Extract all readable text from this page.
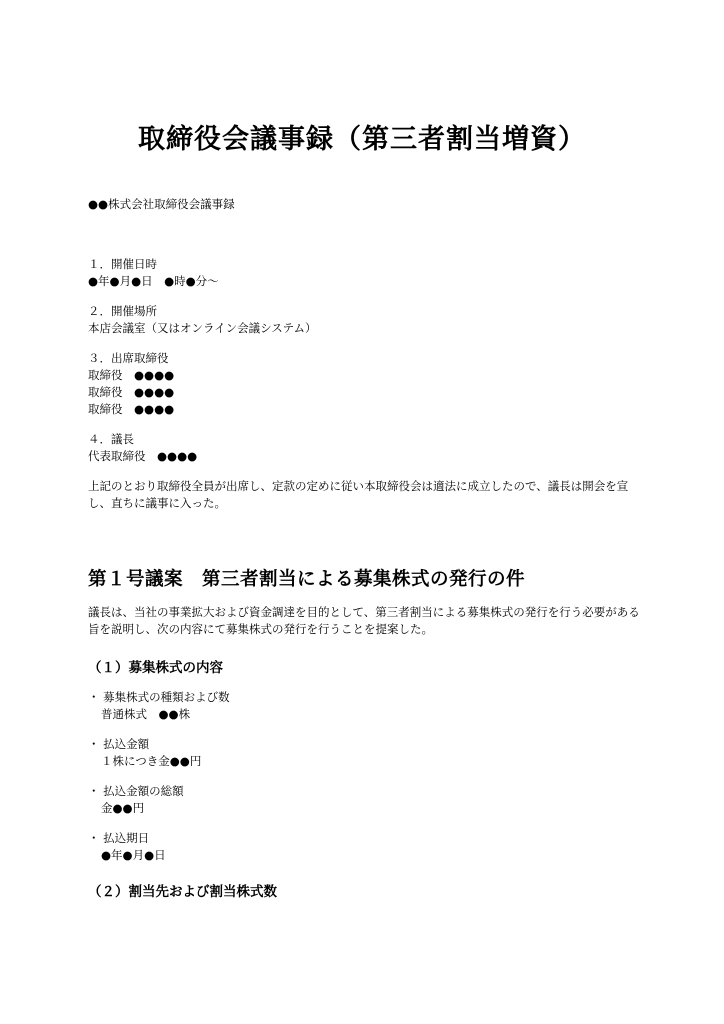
取締役会議事録（第三者割当増資）
●●株式会社取締役会議事録
１．開催日時
●年●月●日　●時●分～
２．開催場所
本店会議室（又はオンライン会議システム）
３．出席取締役
取締役　●●●●
取締役　●●●●
取締役　●●●●
４．議長
代表取締役　●●●●
上記のとおり取締役全員が出席し、定款の定めに従い本取締役会は適法に成立したので、議長は開会を宣し、直ちに議事に入った。
第１号議案　第三者割当による募集株式の発行の件
議長は、当社の事業拡大および資金調達を目的として、第三者割当による募集株式の発行を行う必要がある旨を説明し、次の内容にて募集株式の発行を行うことを提案した。
（１）募集株式の内容
・ 募集株式の種類および数
普通株式　●●株
・ 払込金額
１株につき金●●円
・ 払込金額の総額
金●●円
・ 払込期日
●年●月●日
（２）割当先および割当株式数
